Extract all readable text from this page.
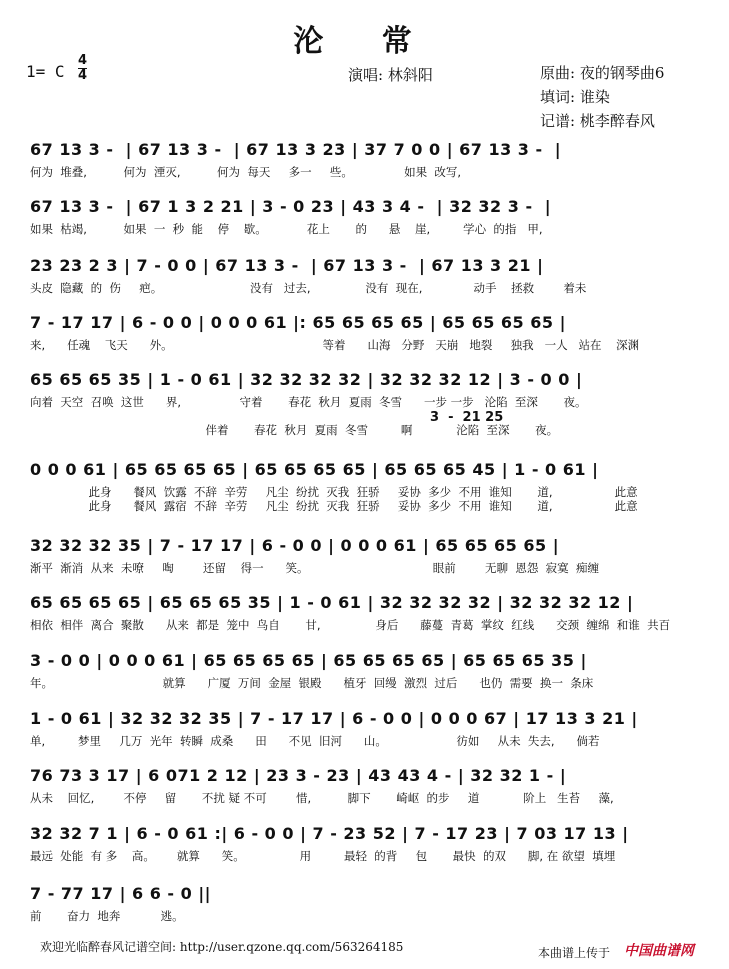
沦 常
演唱: 林斜阳	原曲: 夜的钢琴曲6
填词: 谁染
记谱: 桃李醉春风
1= C
4
4
67 13 3 -  | 67 13 3 -  | 67 13 3 23 | 37 7 0 0 | 67 13 3 -  |
何为  堆叠,          何为  湮灭,          何为  每天     多一     些。              如果  改写,
67 13 3 -  | 67 1 3 2 21 | 3 - 0 23 | 43 3 4 -  | 32 32 3 -  |
如果  枯竭,          如果  一  秒  能    停    歇。           花上       的      悬    崖,         学心  的指   甲,
23 23 2 3 | 7 - 0 0 | 67 13 3 -  | 67 13 3 -  | 67 13 3 21 |
头皮  隐藏  的  伤     疤。                        没有   过去,               没有  现在,              动手    拯救        着未
7 - 17 17 | 6 - 0 0 | 0 0 0 61 |: 65 65 65 65 | 65 65 65 65 |
来,      任魂    飞天      外。                                         等着      山海   分野   天崩   地裂     独我   一人   站在    深渊
65 65 65 35 | 1 - 0 61 | 32 32 32 32 | 32 32 32 12 | 3 - 0 0 |
向着  天空  召唤  这世      界,                守着       春花  秋月  夏雨  冬雪      一步 一步   沦陷  至深       夜。
伴着       春花  秋月  夏雨  冬雪         啊            沦陷  至深       夜。
3  -  21 25
0 0 0 61 | 65 65 65 65 | 65 65 65 65 | 65 65 65 45 | 1 - 0 61 |
此身      餐风  饮露  不辞  辛劳     凡尘  纷扰  灭我  狂骄     妥协  多少  不用  谁知       道,                 此意
此身      餐风  露宿  不辞  辛劳     凡尘  纷扰  灭我  狂骄     妥协  多少  不用  谁知       道,                 此意
32 32 32 35 | 7 - 17 17 | 6 - 0 0 | 0 0 0 61 | 65 65 65 65 |
渐平  渐消  从来  未嘹     啕        还留    得一      笑。                                  眼前        无聊  恩怨  寂寞  痴缠
65 65 65 65 | 65 65 65 35 | 1 - 0 61 | 32 32 32 32 | 32 32 32 12 |
相依  相伴  离合  聚散      从来  都是  笼中  鸟自       甘,               身后      藤蔓  青葛  掌纹  红线      交颈  缠绵  和谁  共百
3 - 0 0 | 0 0 0 61 | 65 65 65 65 | 65 65 65 65 | 65 65 65 35 |
年。                              就算      广厦  万间  金屋  银殿      植牙  回缦  激烈  过后      也仍  需要  换一  条床
1 - 0 61 | 32 32 32 35 | 7 - 17 17 | 6 - 0 0 | 0 0 0 67 | 17 13 3 21 |
单,         梦里     几万  光年  转瞬  成桑      田      不见  旧河      山。                   彷如     从未  失去,      倘若
76 73 3 17 | 6 071 2 12 | 23 3 - 23 | 43 43 4 - | 32 32 1 - |
从未    回忆,        不停     留       不扰 疑 不可        惜,          脚下       崎岖  的步     道            阶上   生苔     藻,
32 32 7 1 | 6 - 0 61 :| 6 - 0 0 | 7 - 23 52 | 7 - 17 23 | 7 03 17 13 |
最远  处能  有 多    高。      就算      笑。               用         最轻  的背     包       最快  的双      脚, 在 欲望  填埋
7 - 77 17 | 6 6 - 0 ||
前       奋力  地奔           逃。
欢迎光临醉春风记谱空间: http://user.qzone.qq.com/563264185	本曲谱上传于 中国曲谱网
